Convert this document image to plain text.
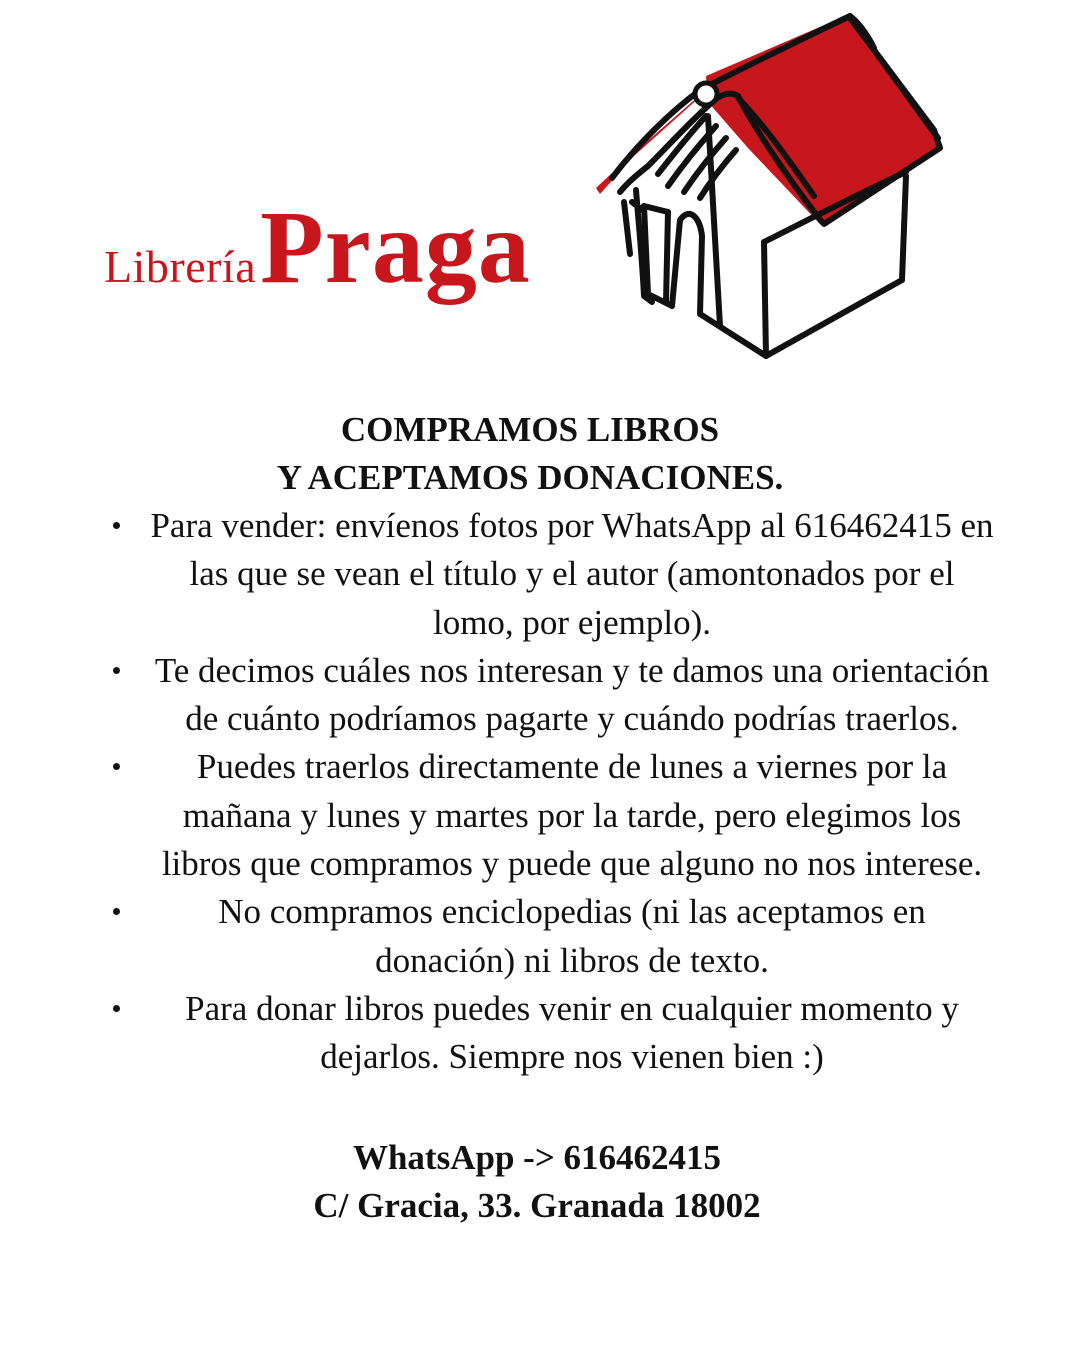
Librería Praga
COMPRAMOS LIBROS
Y ACEPTAMOS DONACIONES.
Para vender: envíenos fotos por WhatsApp al 616462415 en las que se vean el título y el autor (amontonados por el lomo, por ejemplo).
Te decimos cuáles nos interesan y te damos una orientación de cuánto podríamos pagarte y cuándo podrías traerlos.
Puedes traerlos directamente de lunes a viernes por la mañana y lunes y martes por la tarde, pero elegimos los libros que compramos y puede que alguno no nos interese.
No compramos enciclopedias (ni las aceptamos en donación) ni libros de texto.
Para donar libros puedes venir en cualquier momento y dejarlos. Siempre nos vienen bien :)
WhatsApp -> 616462415
C/ Gracia, 33. Granada 18002
